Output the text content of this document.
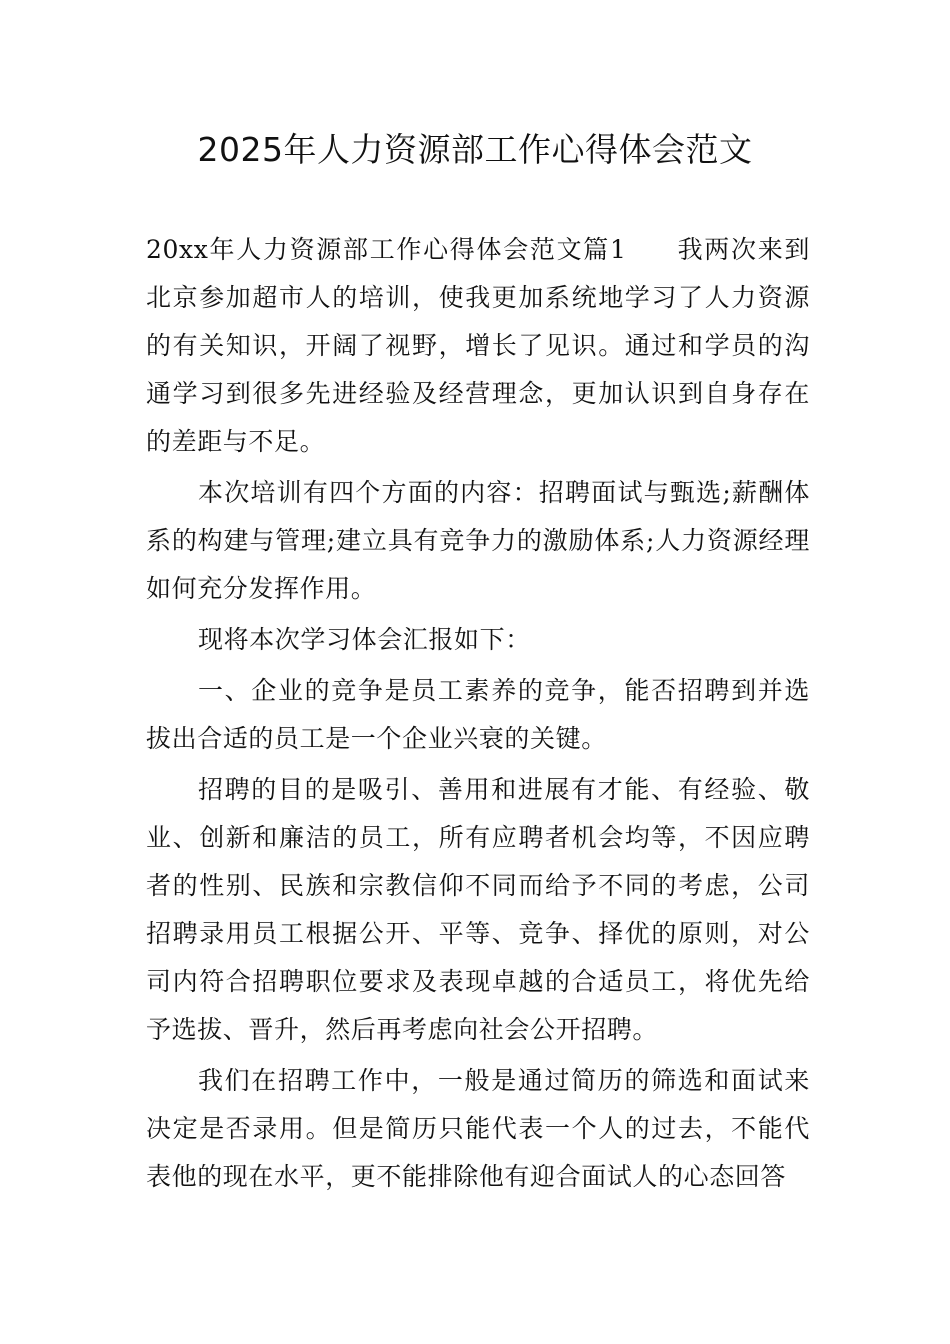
2025年人力资源部工作心得体会范文

20xx年人力资源部工作心得体会范文篇1 我两次来到北京参加超市人的培训，使我更加系统地学习了人力资源的有关知识，开阔了视野，增长了见识。通过和学员的沟通学习到很多先进经验及经营理念，更加认识到自身存在的差距与不足。

本次培训有四个方面的内容：招聘面试与甄选;薪酬体系的构建与管理;建立具有竞争力的激励体系;人力资源经理如何充分发挥作用。

现将本次学习体会汇报如下：

一、企业的竞争是员工素养的竞争，能否招聘到并选拔出合适的员工是一个企业兴衰的关键。

招聘的目的是吸引、善用和进展有才能、有经验、敬业、创新和廉洁的员工，所有应聘者机会均等，不因应聘者的性别、民族和宗教信仰不同而给予不同的考虑，公司招聘录用员工根据公开、平等、竞争、择优的原则，对公司内符合招聘职位要求及表现卓越的合适员工，将优先给予选拔、晋升，然后再考虑向社会公开招聘。

我们在招聘工作中，一般是通过简历的筛选和面试来决定是否录用。但是简历只能代表一个人的过去，不能代表他的现在水平，更不能排除他有迎合面试人的心态回答
